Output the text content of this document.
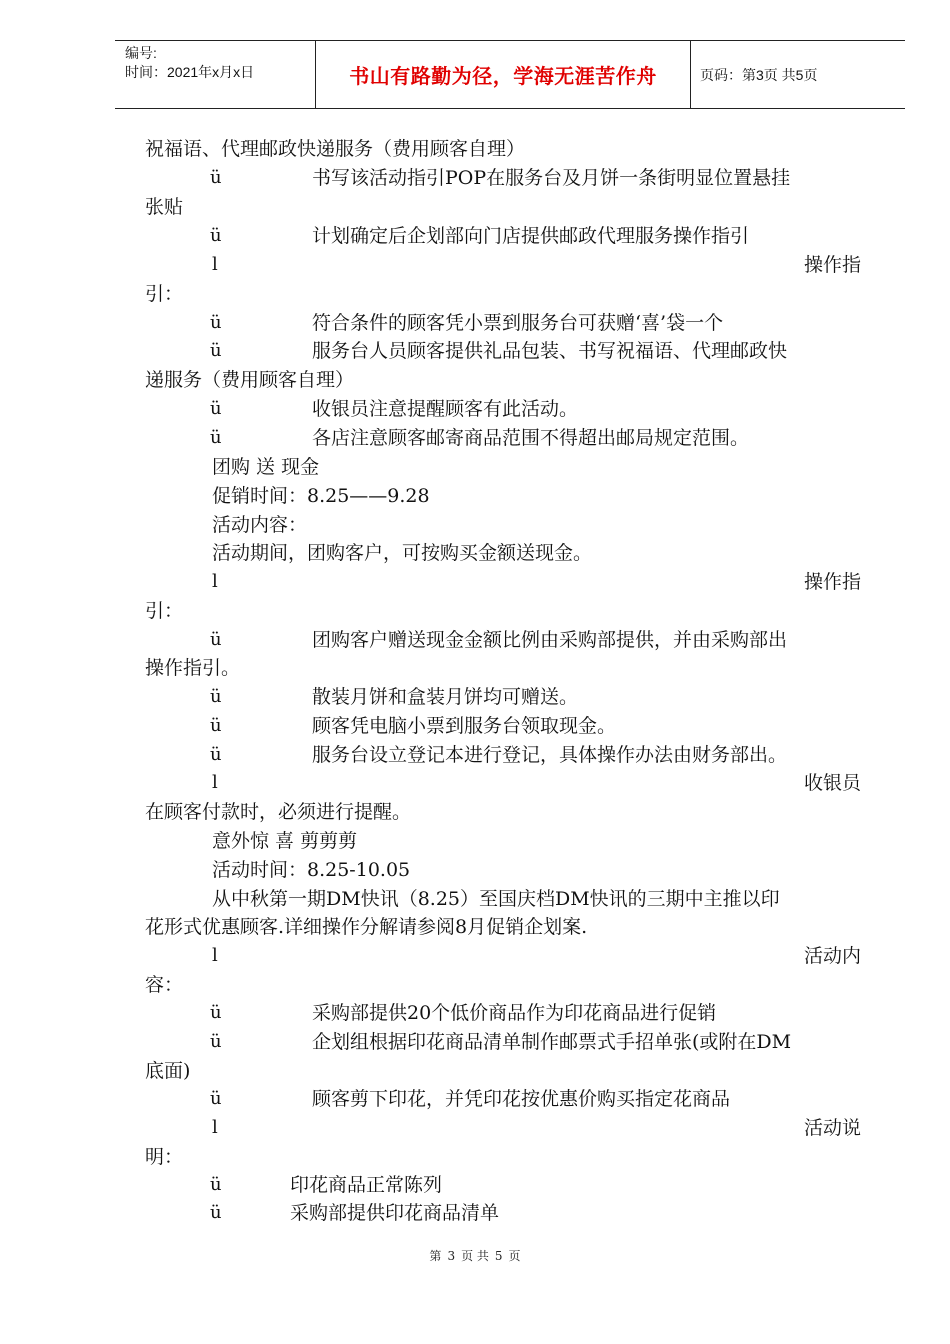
编号:
时间：2021年x月x日	书山有路勤为径，学海无涯苦作舟	页码：第3页 共5页
祝福语、代理邮政快递服务（费用顾客自理）
ü	书写该活动指引POP在服务台及月饼一条街明显位置悬挂
张贴
ü	计划确定后企划部向门店提供邮政代理服务操作指引
l	操作指
引：
ü	符合条件的顾客凭小票到服务台可获赠‘喜’袋一个
ü	服务台人员顾客提供礼品包装、书写祝福语、代理邮政快
递服务（费用顾客自理）
ü	收银员注意提醒顾客有此活动。
ü	各店注意顾客邮寄商品范围不得超出邮局规定范围。
团购 送 现金
促销时间：8.25——9.28
活动内容：
活动期间，团购客户，可按购买金额送现金。
l	操作指
引：
ü	团购客户赠送现金金额比例由采购部提供，并由采购部出
操作指引。
ü	散装月饼和盒装月饼均可赠送。
ü	顾客凭电脑小票到服务台领取现金。
ü	服务台设立登记本进行登记，具体操作办法由财务部出。
l	收银员
在顾客付款时，必须进行提醒。
意外惊 喜 剪剪剪
活动时间：8.25-10.05
从中秋第一期DM快讯（8.25）至国庆档DM快讯的三期中主推以印
花形式优惠顾客.详细操作分解请参阅8月促销企划案.
l	活动内
容：
ü	采购部提供20个低价商品作为印花商品进行促销
ü	企划组根据印花商品清单制作邮票式手招单张(或附在DM
底面)
ü	顾客剪下印花，并凭印花按优惠价购买指定花商品
l	活动说
明：
ü	印花商品正常陈列
ü	采购部提供印花商品清单
第 3 页 共 5 页
